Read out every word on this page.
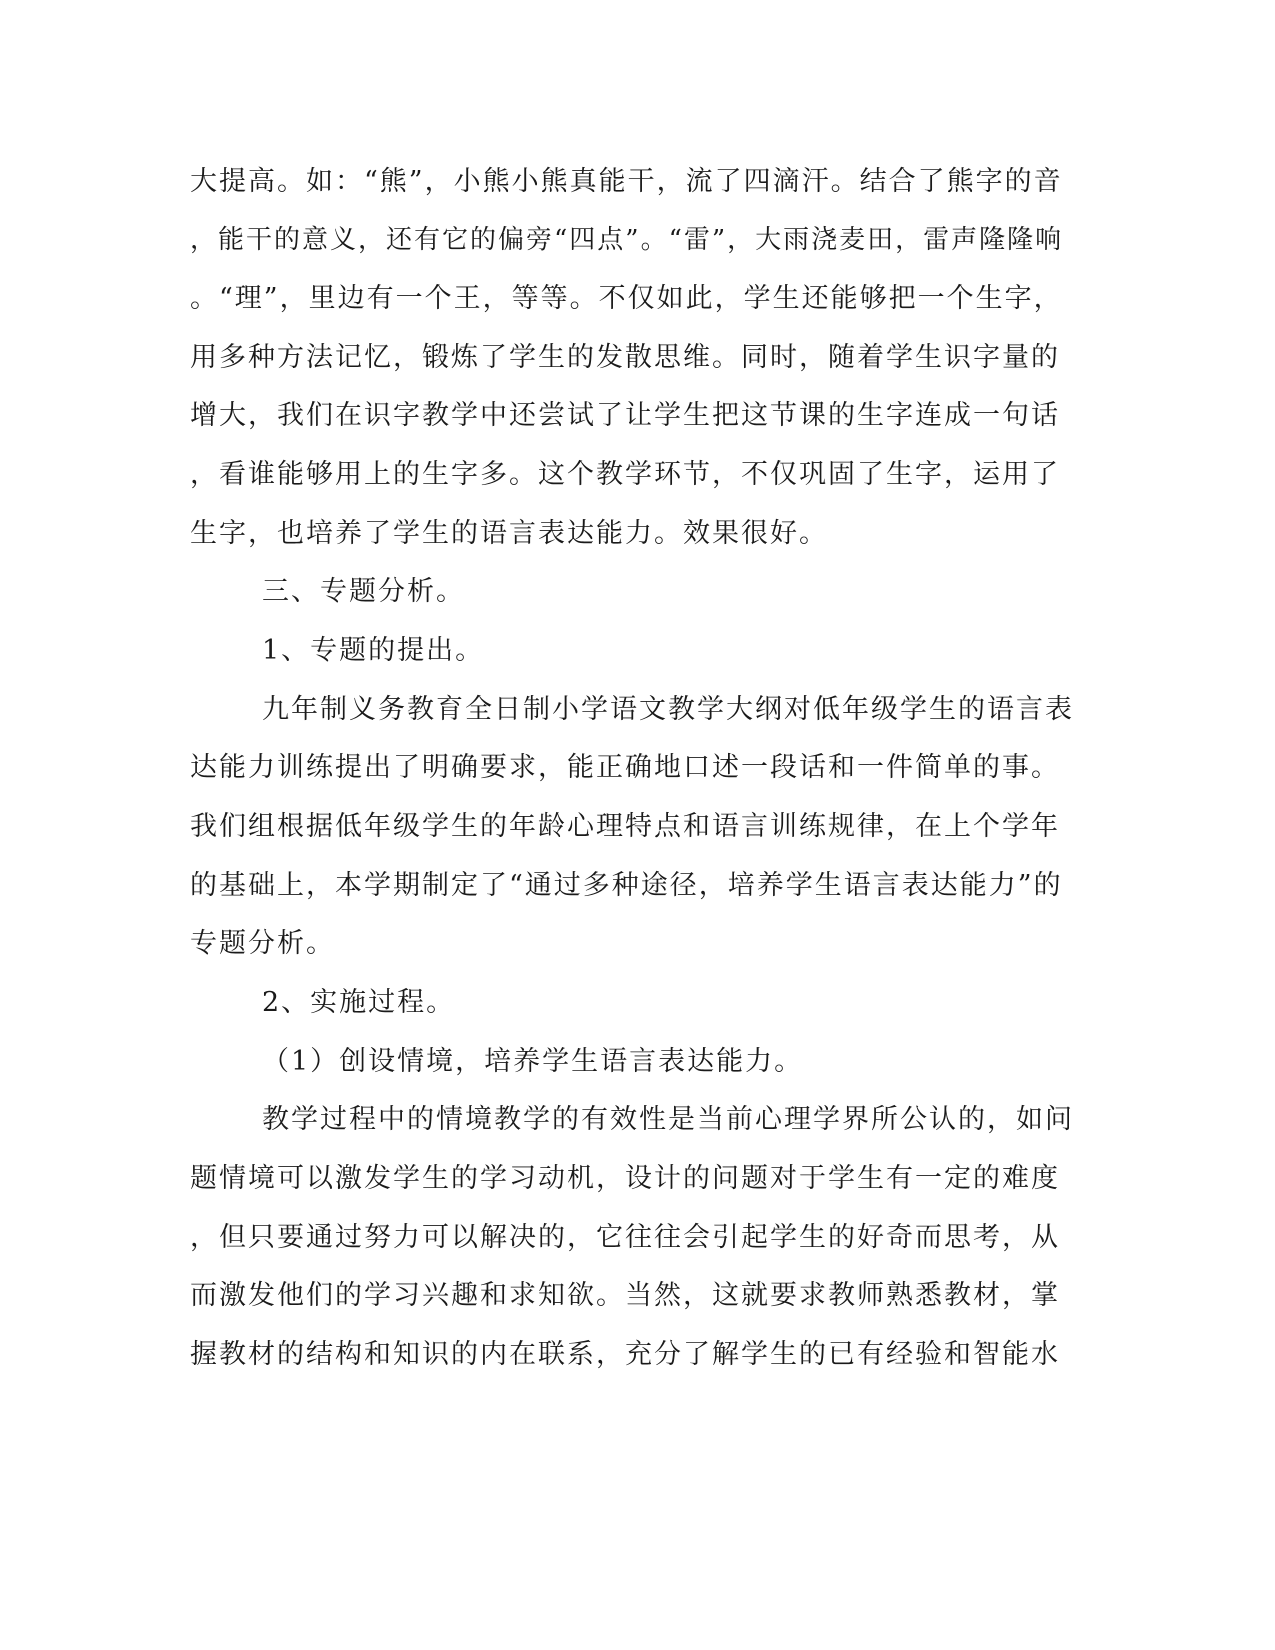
大提高。如：“熊”，小熊小熊真能干，流了四滴汗。结合了熊字的音
，能干的意义，还有它的偏旁“四点”。“雷”，大雨浇麦田，雷声隆隆响
。“理”，里边有一个王，等等。不仅如此，学生还能够把一个生字，
用多种方法记忆，锻炼了学生的发散思维。同时，随着学生识字量的
增大，我们在识字教学中还尝试了让学生把这节课的生字连成一句话
，看谁能够用上的生字多。这个教学环节，不仅巩固了生字，运用了
生字，也培养了学生的语言表达能力。效果很好。
三、专题分析。
1、专题的提出。
九年制义务教育全日制小学语文教学大纲对低年级学生的语言表
达能力训练提出了明确要求，能正确地口述一段话和一件简单的事。
我们组根据低年级学生的年龄心理特点和语言训练规律，在上个学年
的基础上，本学期制定了“通过多种途径，培养学生语言表达能力”的
专题分析。
2、实施过程。
（1）创设情境，培养学生语言表达能力。
教学过程中的情境教学的有效性是当前心理学界所公认的，如问
题情境可以激发学生的学习动机，设计的问题对于学生有一定的难度
，但只要通过努力可以解决的，它往往会引起学生的好奇而思考，从
而激发他们的学习兴趣和求知欲。当然，这就要求教师熟悉教材，掌
握教材的结构和知识的内在联系，充分了解学生的已有经验和智能水
